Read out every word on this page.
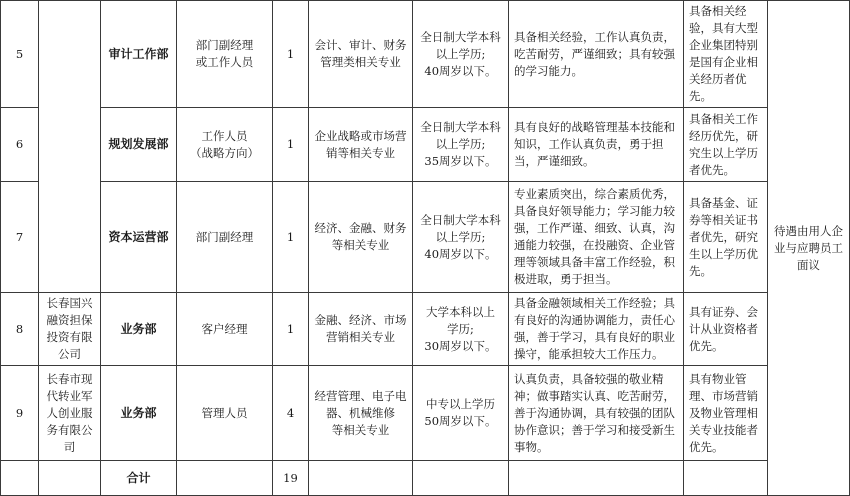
5		审计工作部	部门副经理
或工作人员	1	会计、审计、财务
管理类相关专业	全日制大学本科
以上学历;
40周岁以下。	具备相关经验，工作认真负责，吃苦耐劳，严谨细致；具有较强的学习能力。	具备相关经验，具有大型企业集团特别是国有企业相关经历者优先。	待遇由用人企业与应聘员工面议
6		规划发展部	工作人员
（战略方向）	1	企业战略或市场营
销等相关专业	全日制大学本科
以上学历;
35周岁以下。	具有良好的战略管理基本技能和知识，工作认真负责，勇于担当，严谨细致。	具备相关工作经历优先，研究生以上学历者优先。	
7		资本运营部	部门副经理	1	经济、金融、财务
等相关专业	全日制大学本科
以上学历;
40周岁以下。	专业素质突出，综合素质优秀，具备良好领导能力；学习能力较强，工作严谨、细致、认真，沟通能力较强，在投融资、企业管理等领域具备丰富工作经验，积极进取，勇于担当。	具备基金、证券等相关证书者优先，研究生以上学历优先。	
8	长春国兴融资担保投资有限公司	业务部	客户经理	1	金融、经济、市场
营销相关专业	大学本科以上
学历;
30周岁以下。	具备金融领域相关工作经验；具有良好的沟通协调能力，责任心强，善于学习，具有良好的职业操守，能承担较大工作压力。	具有证券、会计从业资格者优先。	
9	长春市现代转业军人创业服务有限公司	业务部	管理人员	4	经营管理、电子电
器、机械维修
等相关专业	中专以上学历
50周岁以下。	认真负责，具备较强的敬业精神；做事踏实认真、吃苦耐劳，善于沟通协调，具有较强的团队协作意识；善于学习和接受新生事物。	具有物业管理、市场营销及物业管理相关专业技能者优先。	
		合计		19					
